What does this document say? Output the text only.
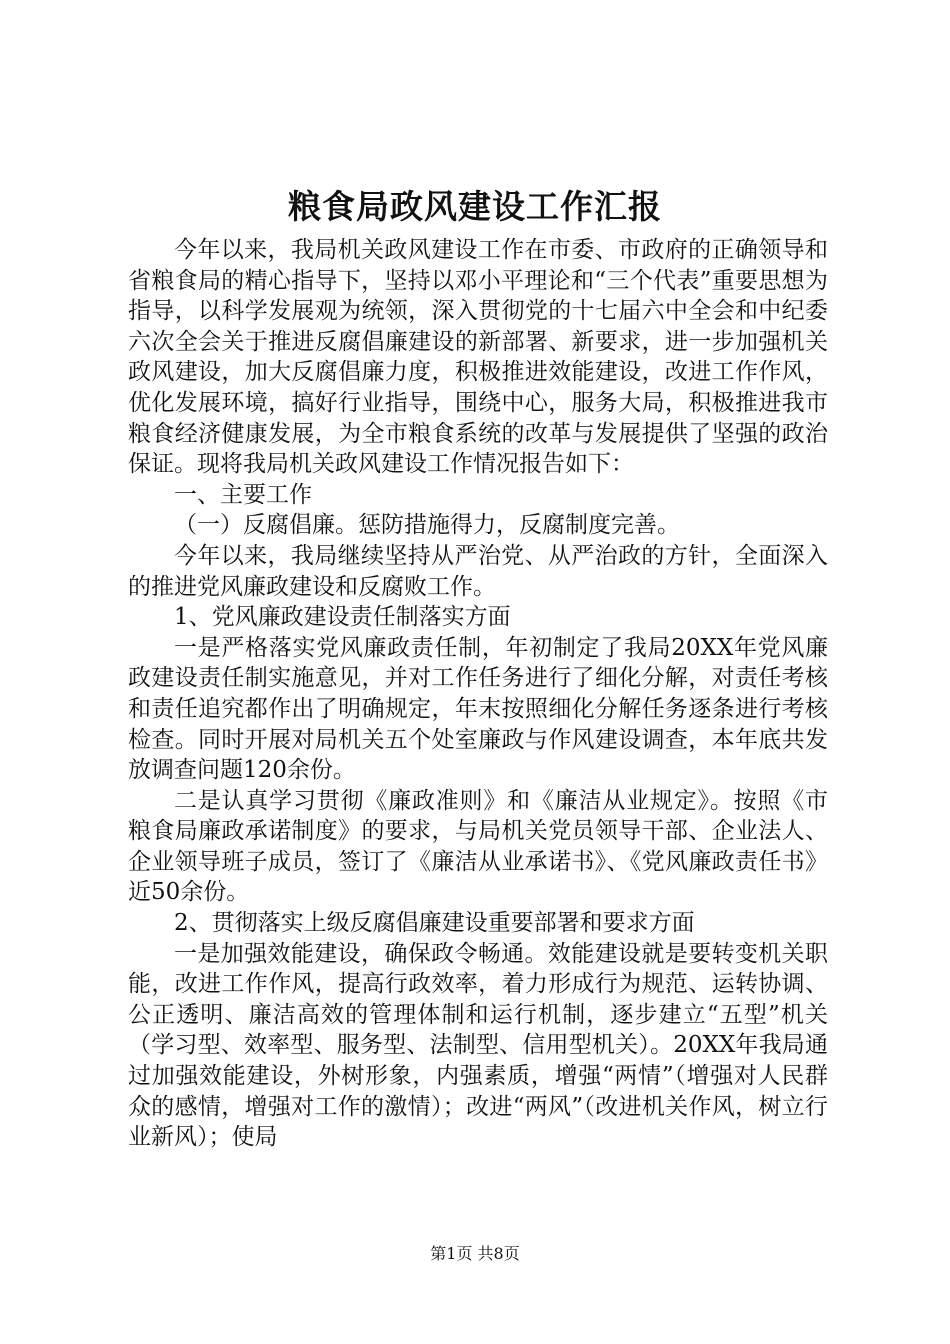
粮食局政风建设工作汇报

今年以来，我局机关政风建设工作在市委、市政府的正确领导和省粮食局的精心指导下，坚持以邓小平理论和“三个代表”重要思想为指导，以科学发展观为统领，深入贯彻党的十七届六中全会和中纪委六次全会关于推进反腐倡廉建设的新部署、新要求，进一步加强机关政风建设，加大反腐倡廉力度，积极推进效能建设，改进工作作风，优化发展环境，搞好行业指导，围绕中心，服务大局，积极推进我市粮食经济健康发展，为全市粮食系统的改革与发展提供了坚强的政治保证。现将我局机关政风建设工作情况报告如下：

一、主要工作

（一）反腐倡廉。惩防措施得力，反腐制度完善。

今年以来，我局继续坚持从严治党、从严治政的方针，全面深入的推进党风廉政建设和反腐败工作。

1、党风廉政建设责任制落实方面

一是严格落实党风廉政责任制，年初制定了我局20XX年党风廉政建设责任制实施意见，并对工作任务进行了细化分解，对责任考核和责任追究都作出了明确规定，年末按照细化分解任务逐条进行考核检查。同时开展对局机关五个处室廉政与作风建设调查，本年底共发放调查问题120余份。

二是认真学习贯彻《廉政准则》和《廉洁从业规定》。按照《市粮食局廉政承诺制度》的要求，与局机关党员领导干部、企业法人、企业领导班子成员，签订了《廉洁从业承诺书》、《党风廉政责任书》近50余份。

2、贯彻落实上级反腐倡廉建设重要部署和要求方面

一是加强效能建设，确保政令畅通。效能建设就是要转变机关职能，改进工作作风，提高行政效率，着力形成行为规范、运转协调、公正透明、廉洁高效的管理体制和运行机制，逐步建立“五型”机关（学习型、效率型、服务型、法制型、信用型机关）。20XX年我局通过加强效能建设，外树形象，内强素质，增强“两情”（增强对人民群众的感情，增强对工作的激情）；改进“两风”（改进机关作风，树立行业新风）；使局

第1页 共8页
